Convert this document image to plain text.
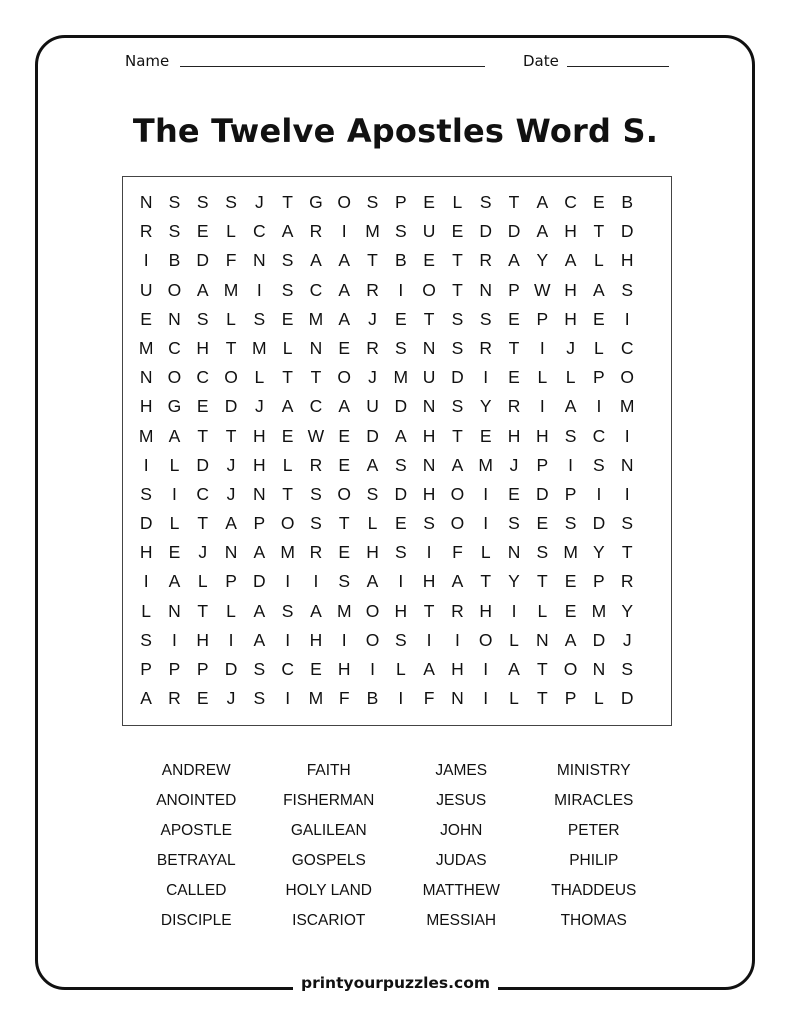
Name	Date
The Twelve Apostles Word S.
N S S S	J	T G O S P E	L	S T A C E B
R S E	L C A R	I	M S U E D D A H T D
I	B D F N S A A T B E T R A Y A	L H
U O A M	I	S C A R	I	O T N P W H A S
E N S	L	S E M A	J	E T S S E P H E	I
M C H T M L N E R S N S R T	I	J	L C
N O C O L	T	T O J M U D	I	E	L	L	P O
H G E D	J	A C A U D N S Y R	I	A	I	M
M A T	T H E W E D A H T E H H S C	I
I	L D	J	H L R E A S N A M J	P	I	S N
S	I	C	J	N T S O S D H O	I	E D P	I	I
D L	T A P O S T	L	E S O	I	S E S D S
H E	J	N A M R E H S	I	F	L N S M Y T
I	A	L	P D	I	I	S A	I	H A T Y T E P R
L N T	L	A S A M O H T R H	I	L	E M Y
S	I	H	I	A	I	H	I	O S	I	I	O L N A D	J
P P P D S C E H	I	L	A H	I	A T O N S
A R E	J	S	I	M F B	I	F N	I	L	T P	L D
ANDREW	FAITH	JAMES	MINISTRY
ANOINTED	FISHERMAN	JESUS	MIRACLES
APOSTLE	GALILEAN	JOHN	PETER
BETRAYAL	GOSPELS	JUDAS	PHILIP
CALLED	HOLY LAND	MATTHEW	THADDEUS
DISCIPLE	ISCARIOT	MESSIAH	THOMAS
printyourpuzzles.com
